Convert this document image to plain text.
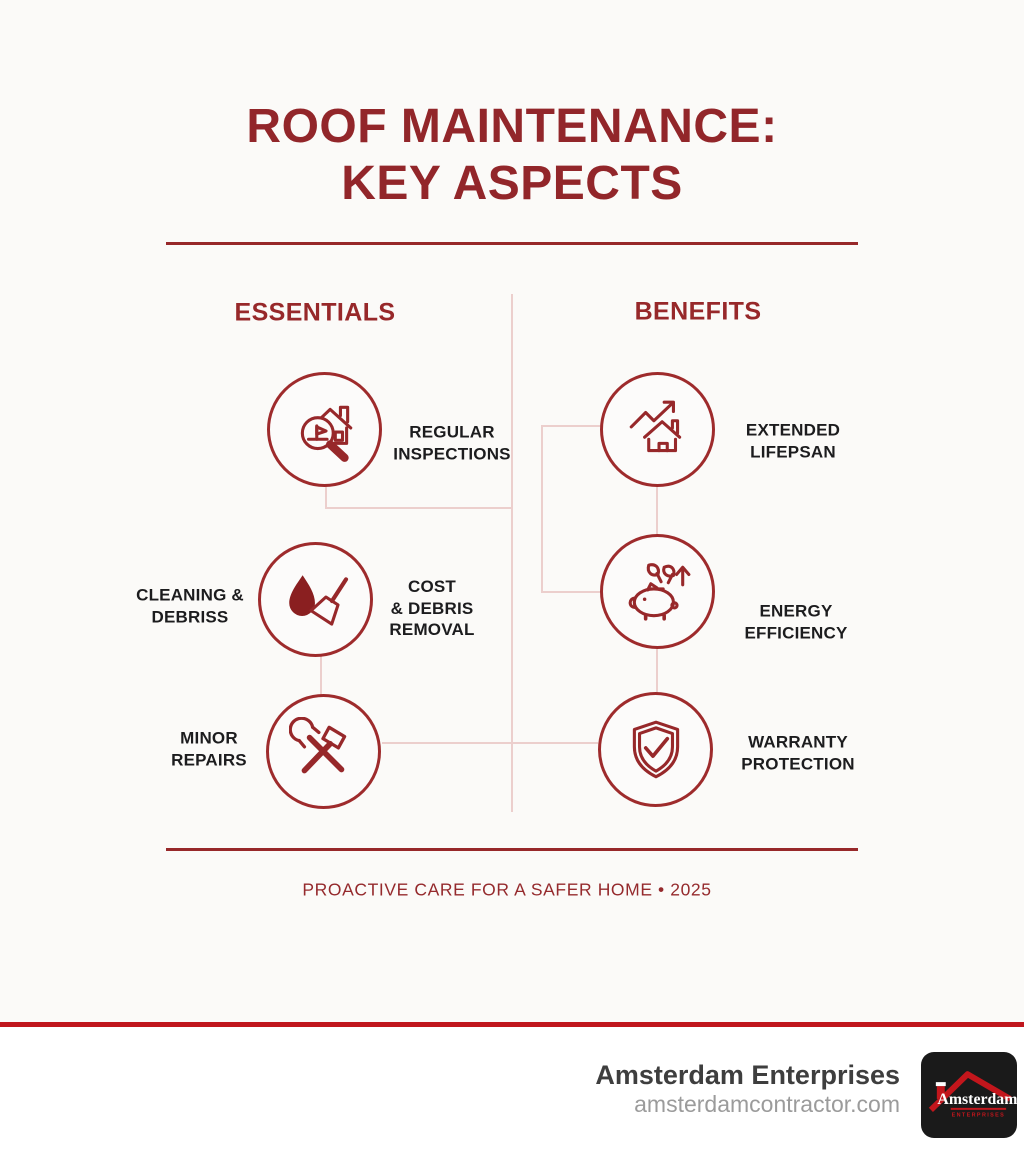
ROOF MAINTENANCE:
KEY ASPECTS
ESSENTIALS	BENEFITS
REGULAR
INSPECTIONS
CLEANING &
DEBRISS
COST
& DEBRIS
REMOVAL
MINOR
REPAIRS
EXTENDED
LIFEPSAN
ENERGY
EFFICIENCY
WARRANTY
PROTECTION
PROACTIVE CARE FOR A SAFER HOME • 2025
Amsterdam Enterprises
amsterdamcontractor.com Amsterdam
ENTERPRISES
